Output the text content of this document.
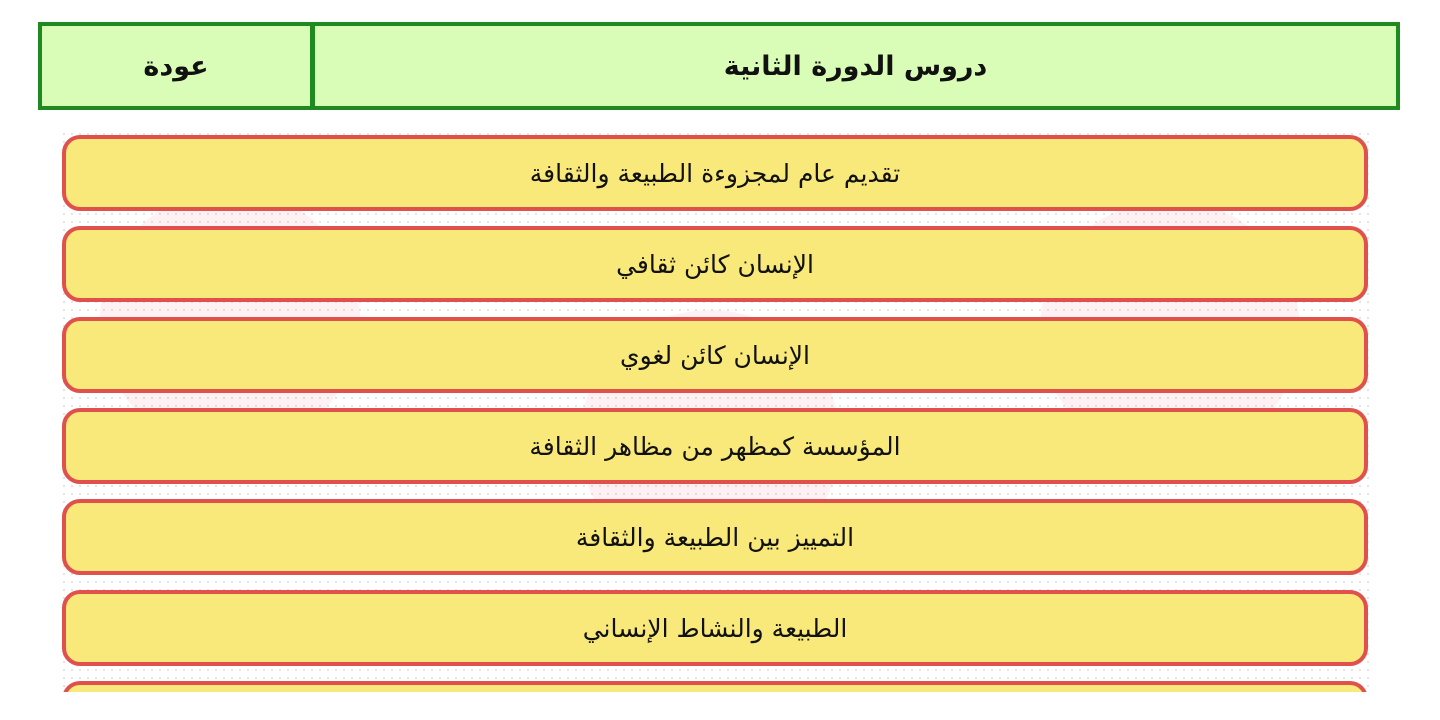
عودة	دروس الدورة الثانية
تقديم عام لمجزوءة الطبيعة والثقافة
الإنسان كائن ثقافي
الإنسان كائن لغوي
المؤسسة كمظهر من مظاهر الثقافة
التمييز بين الطبيعة والثقافة
الطبيعة والنشاط الإنساني
